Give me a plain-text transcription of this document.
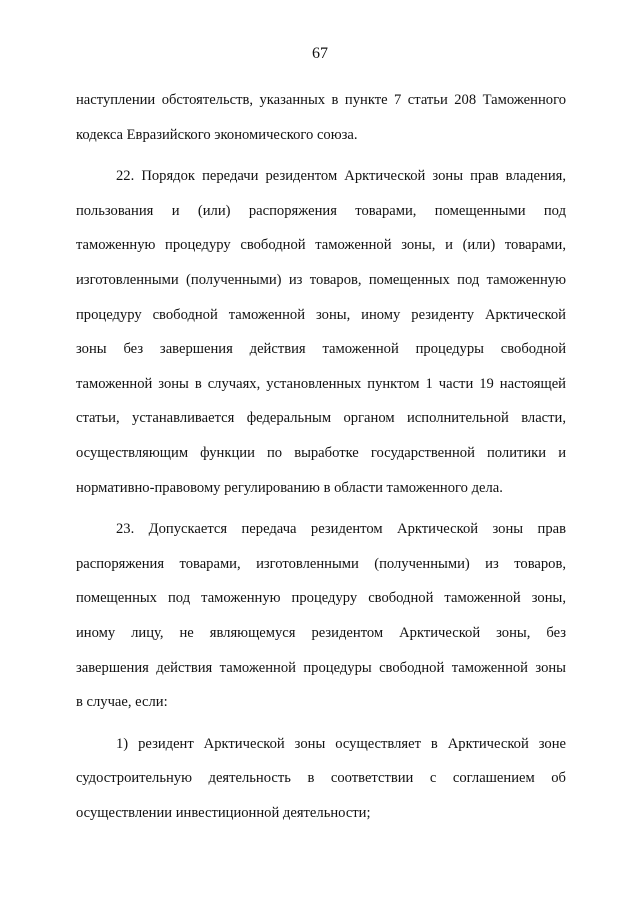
67
наступлении обстоятельств, указанных в пункте 7 статьи 208 Таможенного
кодекса Евразийского экономического союза.
22. Порядок передачи резидентом Арктической зоны прав владения,
пользования и (или) распоряжения товарами, помещенными под
таможенную процедуру свободной таможенной зоны, и (или) товарами,
изготовленными (полученными) из товаров, помещенных под таможенную
процедуру свободной таможенной зоны, иному резиденту Арктической
зоны без завершения действия таможенной процедуры свободной
таможенной зоны в случаях, установленных пунктом 1 части 19 настоящей
статьи, устанавливается федеральным органом исполнительной власти,
осуществляющим функции по выработке государственной политики и
нормативно-правовому регулированию в области таможенного дела.
23. Допускается передача резидентом Арктической зоны прав
распоряжения товарами, изготовленными (полученными) из товаров,
помещенных под таможенную процедуру свободной таможенной зоны,
иному лицу, не являющемуся резидентом Арктической зоны, без
завершения действия таможенной процедуры свободной таможенной зоны
в случае, если:
1) резидент Арктической зоны осуществляет в Арктической зоне
судостроительную деятельность в соответствии с соглашением об
осуществлении инвестиционной деятельности;
